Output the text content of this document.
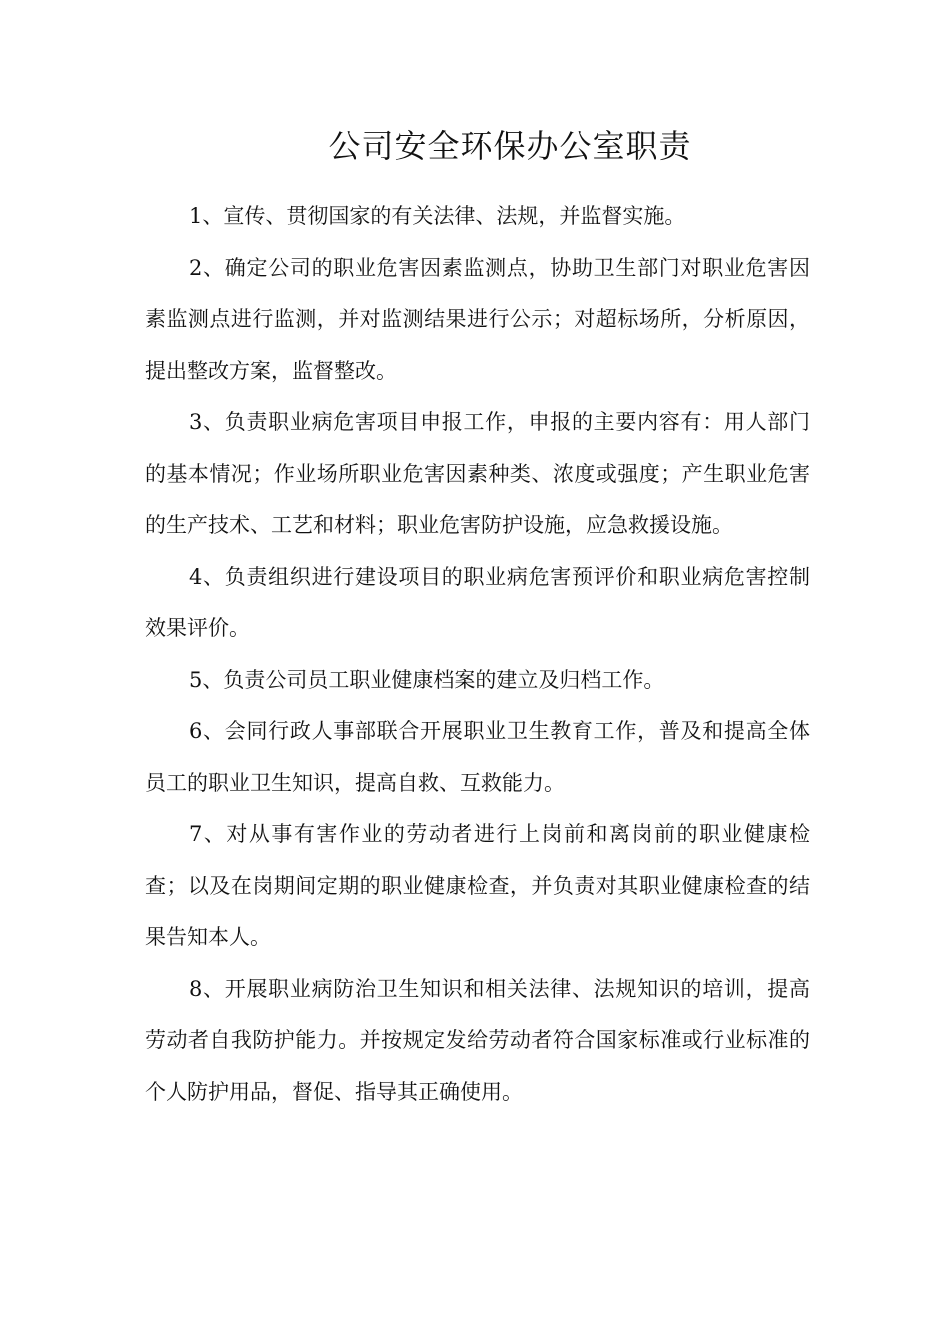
公司安全环保办公室职责

1、宣传、贯彻国家的有关法律、法规，并监督实施。

2、确定公司的职业危害因素监测点，协助卫生部门对职业危害因素监测点进行监测，并对监测结果进行公示；对超标场所，分析原因，提出整改方案，监督整改。

3、负责职业病危害项目申报工作，申报的主要内容有：用人部门的基本情况；作业场所职业危害因素种类、浓度或强度；产生职业危害的生产技术、工艺和材料；职业危害防护设施，应急救援设施。

4、负责组织进行建设项目的职业病危害预评价和职业病危害控制效果评价。

5、负责公司员工职业健康档案的建立及归档工作。

6、会同行政人事部联合开展职业卫生教育工作，普及和提高全体员工的职业卫生知识，提高自救、互救能力。

7、对从事有害作业的劳动者进行上岗前和离岗前的职业健康检查；以及在岗期间定期的职业健康检查，并负责对其职业健康检查的结果告知本人。

8、开展职业病防治卫生知识和相关法律、法规知识的培训，提高劳动者自我防护能力。并按规定发给劳动者符合国家标准或行业标准的个人防护用品，督促、指导其正确使用。
